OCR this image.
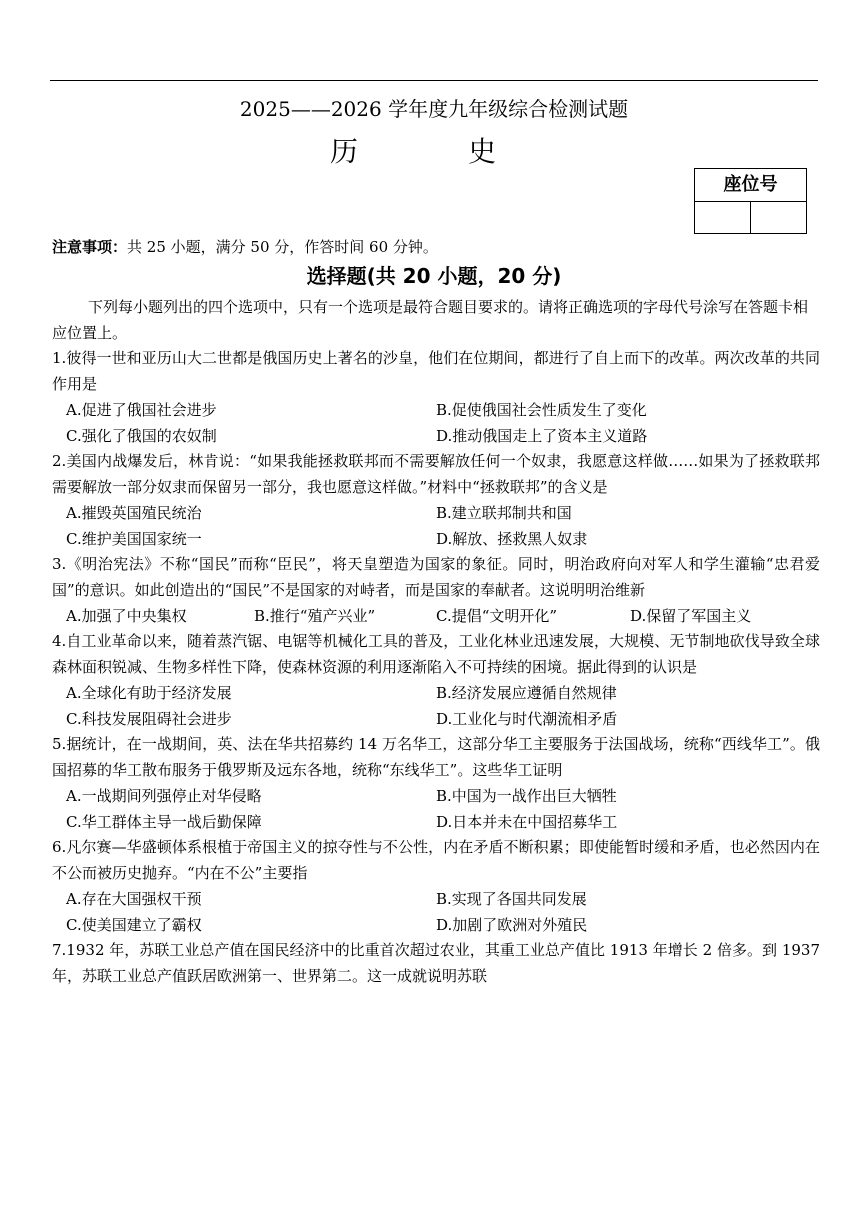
2025——2026 学年度九年级综合检测试题
历	史
座位号
注意事项：共 25 小题，满分 50 分，作答时间 60 分钟。
选择题(共 20 小题，20 分)
下列每小题列出的四个选项中，只有一个选项是最符合题目要求的。请将正确选项的字母代号涂写在答题卡相应位置上。
1.彼得一世和亚历山大二世都是俄国历史上著名的沙皇，他们在位期间，都进行了自上而下的改革。两次改革的共同作用是
A.促进了俄国社会进步	B.促使俄国社会性质发生了变化
C.强化了俄国的农奴制	D.推动俄国走上了资本主义道路
2.美国内战爆发后，林肯说：“如果我能拯救联邦而不需要解放任何一个奴隶，我愿意这样做……如果为了拯救联邦需要解放一部分奴隶而保留另一部分，我也愿意这样做。”材料中“拯救联邦”的含义是
A.摧毁英国殖民统治	B.建立联邦制共和国
C.维护美国国家统一	D.解放、拯救黑人奴隶
3.《明治宪法》不称“国民”而称“臣民”，将天皇塑造为国家的象征。同时，明治政府向对军人和学生灌输“忠君爱国”的意识。如此创造出的“国民”不是国家的对峙者，而是国家的奉献者。这说明明治维新
A.加强了中央集权	B.推行“殖产兴业”	C.提倡“文明开化”	D.保留了军国主义
4.自工业革命以来，随着蒸汽锯、电锯等机械化工具的普及，工业化林业迅速发展，大规模、无节制地砍伐导致全球森林面积锐减、生物多样性下降，使森林资源的利用逐渐陷入不可持续的困境。据此得到的认识是
A.全球化有助于经济发展	B.经济发展应遵循自然规律
C.科技发展阻碍社会进步	D.工业化与时代潮流相矛盾
5.据统计，在一战期间，英、法在华共招募约 14 万名华工，这部分华工主要服务于法国战场，统称“西线华工”。俄国招募的华工散布服务于俄罗斯及远东各地，统称“东线华工”。这些华工证明
A.一战期间列强停止对华侵略	B.中国为一战作出巨大牺牲
C.华工群体主导一战后勤保障	D.日本并未在中国招募华工
6.凡尔赛—华盛顿体系根植于帝国主义的掠夺性与不公性，内在矛盾不断积累；即使能暂时缓和矛盾，也必然因内在不公而被历史抛弃。“内在不公”主要指
A.存在大国强权干预	B.实现了各国共同发展
C.使美国建立了霸权	D.加剧了欧洲对外殖民
7.1932 年，苏联工业总产值在国民经济中的比重首次超过农业，其重工业总产值比 1913 年增长 2 倍多。到 1937 年，苏联工业总产值跃居欧洲第一、世界第二。这一成就说明苏联
